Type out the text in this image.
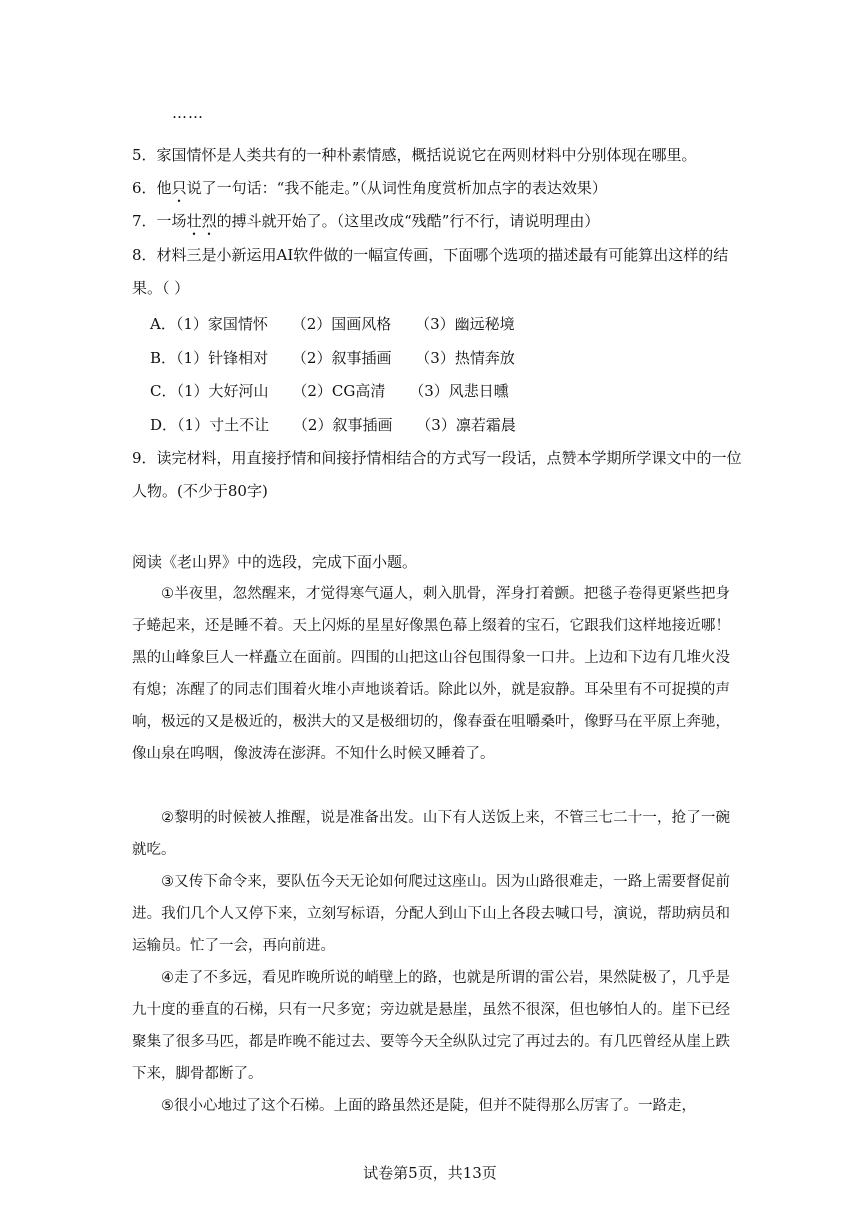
……

5．家国情怀是人类共有的一种朴素情感，概括说说它在两则材料中分别体现在哪里。

6．他只说了一句话：“我不能走。”（从词性角度赏析加点字的表达效果）

7．一场壮烈的搏斗就开始了。（这里改成“残酷”行不行，请说明理由）

8．材料三是小新运用AI软件做的一幅宣传画，下面哪个选项的描述最有可能算出这样的结果。（ ）

A．（1）家国情怀     （2）国画风格     （3）幽远秘境
B．（1）针锋相对     （2）叙事插画     （3）热情奔放
C．（1）大好河山     （2）CG高清     （3）风悲日曛
D．（1）寸土不让     （2）叙事插画     （3）凛若霜晨

9．读完材料，用直接抒情和间接抒情相结合的方式写一段话，点赞本学期所学课文中的一位人物。(不少于80字)

阅读《老山界》中的选段，完成下面小题。

①半夜里，忽然醒来，才觉得寒气逼人，刺入肌骨，浑身打着颤。把毯子卷得更紧些把身子蜷起来，还是睡不着。天上闪烁的星星好像黑色幕上缀着的宝石，它跟我们这样地接近哪！黑的山峰象巨人一样矗立在面前。四围的山把这山谷包围得象一口井。上边和下边有几堆火没有熄；冻醒了的同志们围着火堆小声地谈着话。除此以外，就是寂静。耳朵里有不可捉摸的声响，极远的又是极近的，极洪大的又是极细切的，像春蚕在咀嚼桑叶，像野马在平原上奔驰，像山泉在呜咽，像波涛在澎湃。不知什么时候又睡着了。

②黎明的时候被人推醒，说是准备出发。山下有人送饭上来，不管三七二十一，抢了一碗就吃。

③又传下命令来，要队伍今天无论如何爬过这座山。因为山路很难走，一路上需要督促前进。我们几个人又停下来，立刻写标语，分配人到山下山上各段去喊口号，演说，帮助病员和运输员。忙了一会，再向前进。

④走了不多远，看见昨晚所说的峭壁上的路，也就是所谓的雷公岩，果然陡极了，几乎是九十度的垂直的石梯，只有一尺多宽；旁边就是悬崖，虽然不很深，但也够怕人的。崖下已经聚集了很多马匹，都是昨晚不能过去、要等今天全纵队过完了再过去的。有几匹曾经从崖上跌下来，脚骨都断了。

⑤很小心地过了这个石梯。上面的路虽然还是陡，但并不陡得那么厉害了。一路走，

试卷第5页，共13页
